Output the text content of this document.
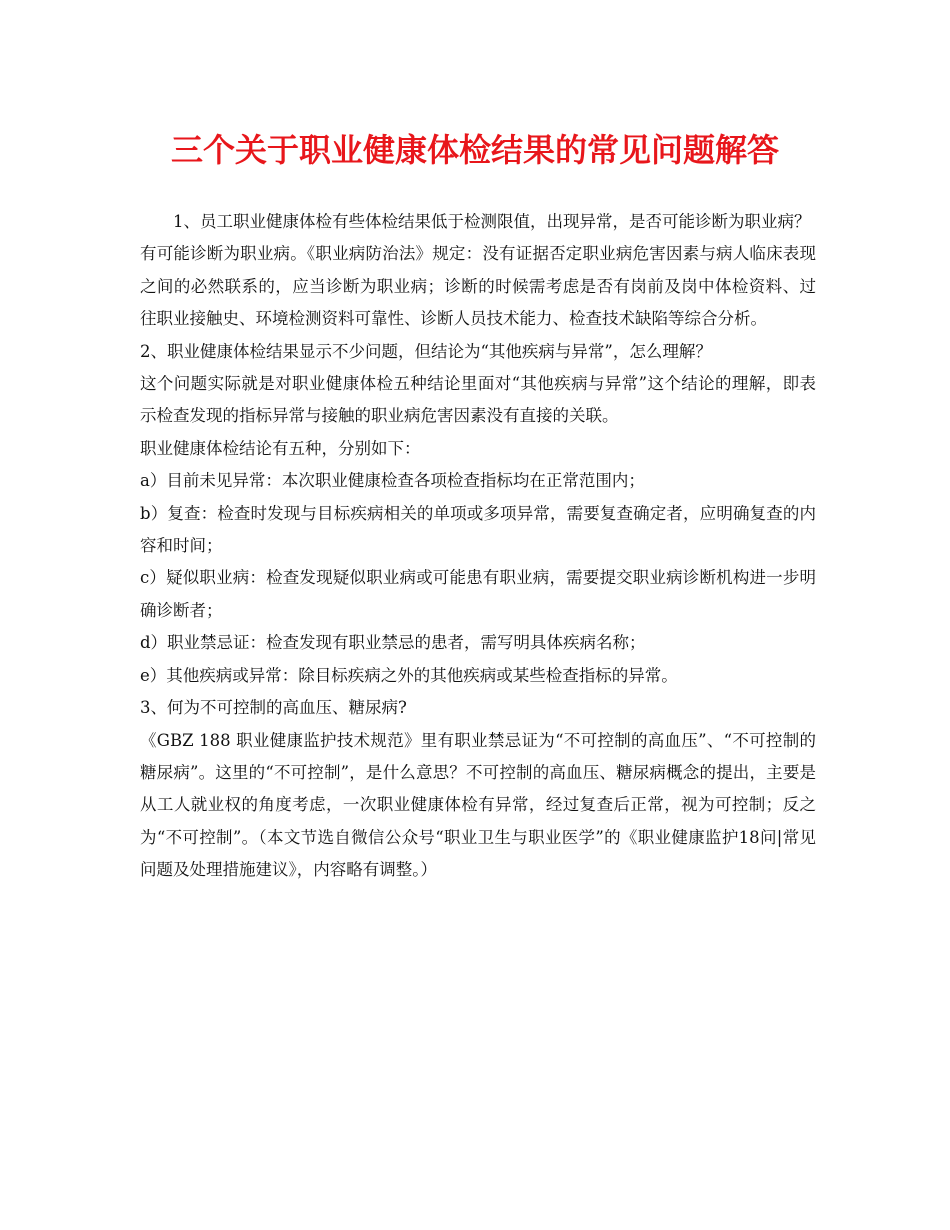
三个关于职业健康体检结果的常见问题解答

1、员工职业健康体检有些体检结果低于检测限值，出现异常，是否可能诊断为职业病？

有可能诊断为职业病。《职业病防治法》规定：没有证据否定职业病危害因素与病人临床表现之间的必然联系的，应当诊断为职业病；诊断的时候需考虑是否有岗前及岗中体检资料、过往职业接触史、环境检测资料可靠性、诊断人员技术能力、检查技术缺陷等综合分析。

2、职业健康体检结果显示不少问题，但结论为“其他疾病与异常”，怎么理解？

这个问题实际就是对职业健康体检五种结论里面对“其他疾病与异常”这个结论的理解，即表示检查发现的指标异常与接触的职业病危害因素没有直接的关联。

职业健康体检结论有五种，分别如下：

a）目前未见异常：本次职业健康检查各项检查指标均在正常范围内；

b）复查：检查时发现与目标疾病相关的单项或多项异常，需要复查确定者，应明确复查的内容和时间；

c）疑似职业病：检查发现疑似职业病或可能患有职业病，需要提交职业病诊断机构进一步明确诊断者；

d）职业禁忌证：检查发现有职业禁忌的患者，需写明具体疾病名称；

e）其他疾病或异常：除目标疾病之外的其他疾病或某些检查指标的异常。

3、何为不可控制的高血压、糖尿病?

《GBZ 188 职业健康监护技术规范》里有职业禁忌证为“不可控制的高血压”、“不可控制的糖尿病”。这里的“不可控制”，是什么意思？不可控制的高血压、糖尿病概念的提出，主要是从工人就业权的角度考虑，一次职业健康体检有异常，经过复查后正常，视为可控制；反之为“不可控制”。（本文节选自微信公众号“职业卫生与职业医学”的《职业健康监护18问|常见问题及处理措施建议》，内容略有调整。）
